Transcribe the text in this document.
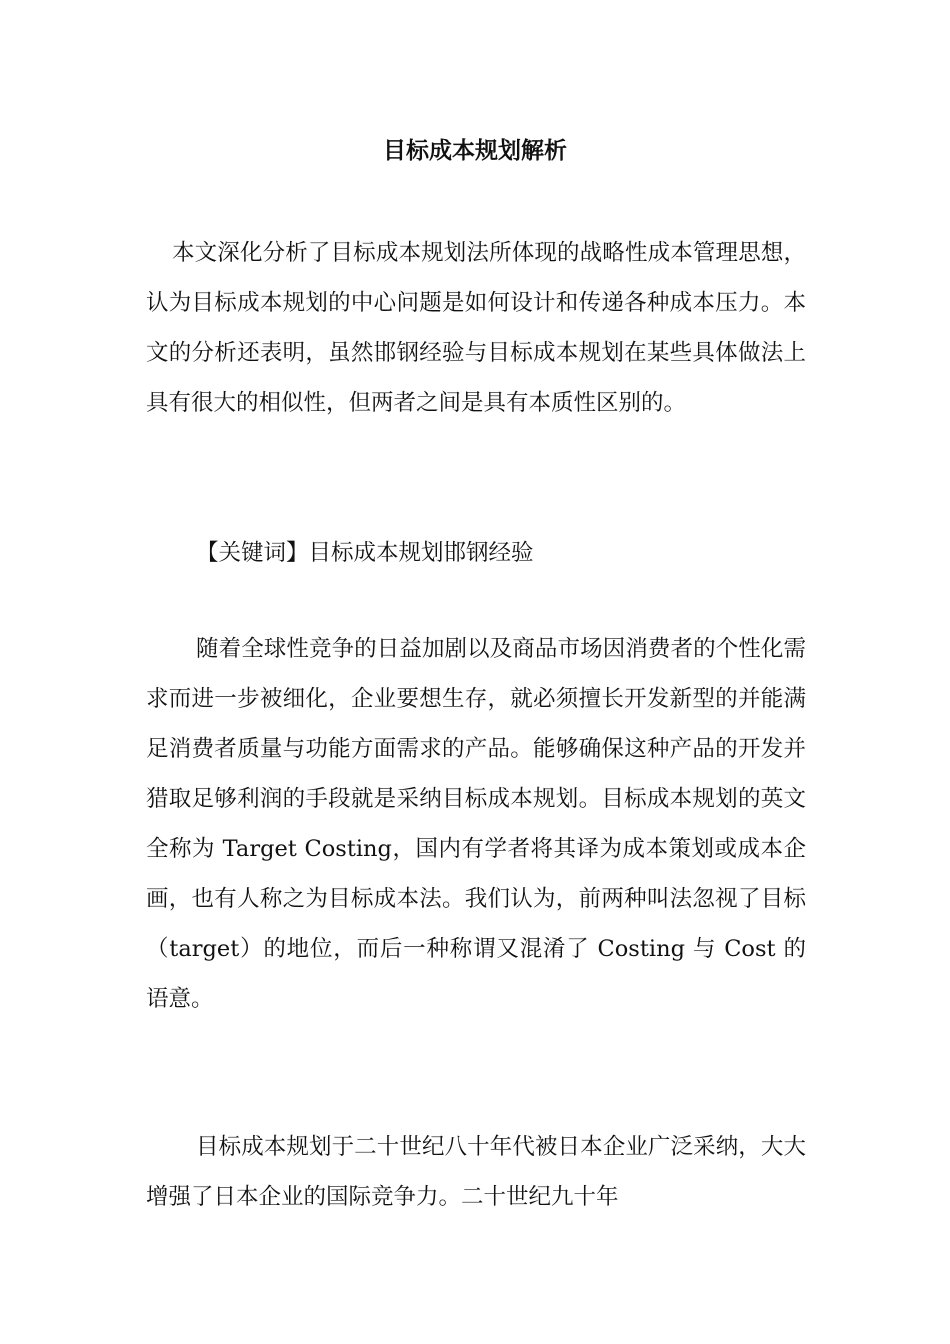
目标成本规划解析

本文深化分析了目标成本规划法所体现的战略性成本管理思想，认为目标成本规划的中心问题是如何设计和传递各种成本压力。本文的分析还表明，虽然邯钢经验与目标成本规划在某些具体做法上具有很大的相似性，但两者之间是具有本质性区别的。

【关键词】目标成本规划邯钢经验

随着全球性竞争的日益加剧以及商品市场因消费者的个性化需求而进一步被细化，企业要想生存，就必须擅长开发新型的并能满足消费者质量与功能方面需求的产品。能够确保这种产品的开发并猎取足够利润的手段就是采纳目标成本规划。目标成本规划的英文全称为 Target Costing，国内有学者将其译为成本策划或成本企画，也有人称之为目标成本法。我们认为，前两种叫法忽视了目标（target）的地位，而后一种称谓又混淆了 Costing 与 Cost 的语意。

目标成本规划于二十世纪八十年代被日本企业广泛采纳，大大增强了日本企业的国际竞争力。二十世纪九十年
